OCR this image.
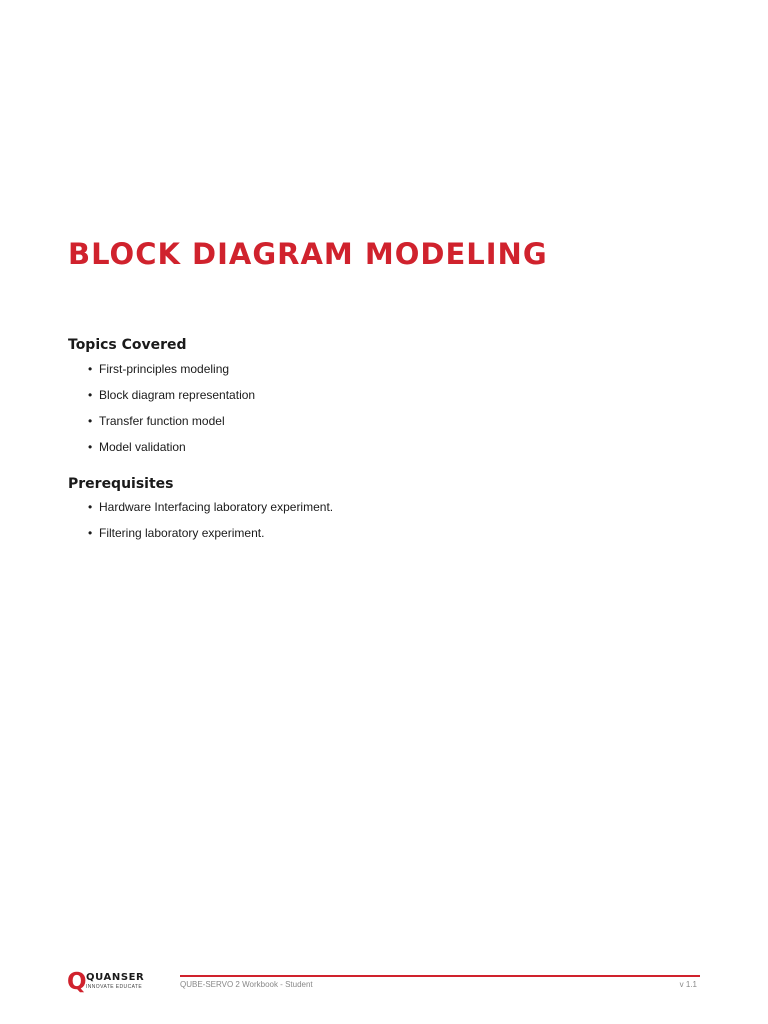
BLOCK DIAGRAM MODELING
Topics Covered
• First-principles modeling
• Block diagram representation
• Transfer function model
• Model validation
Prerequisites
• Hardware Interfacing laboratory experiment.
• Filtering laboratory experiment.
Q QUANSER
INNOVATE EDUCATE	QUBE-SERVO 2 Workbook - Student	v 1.1
